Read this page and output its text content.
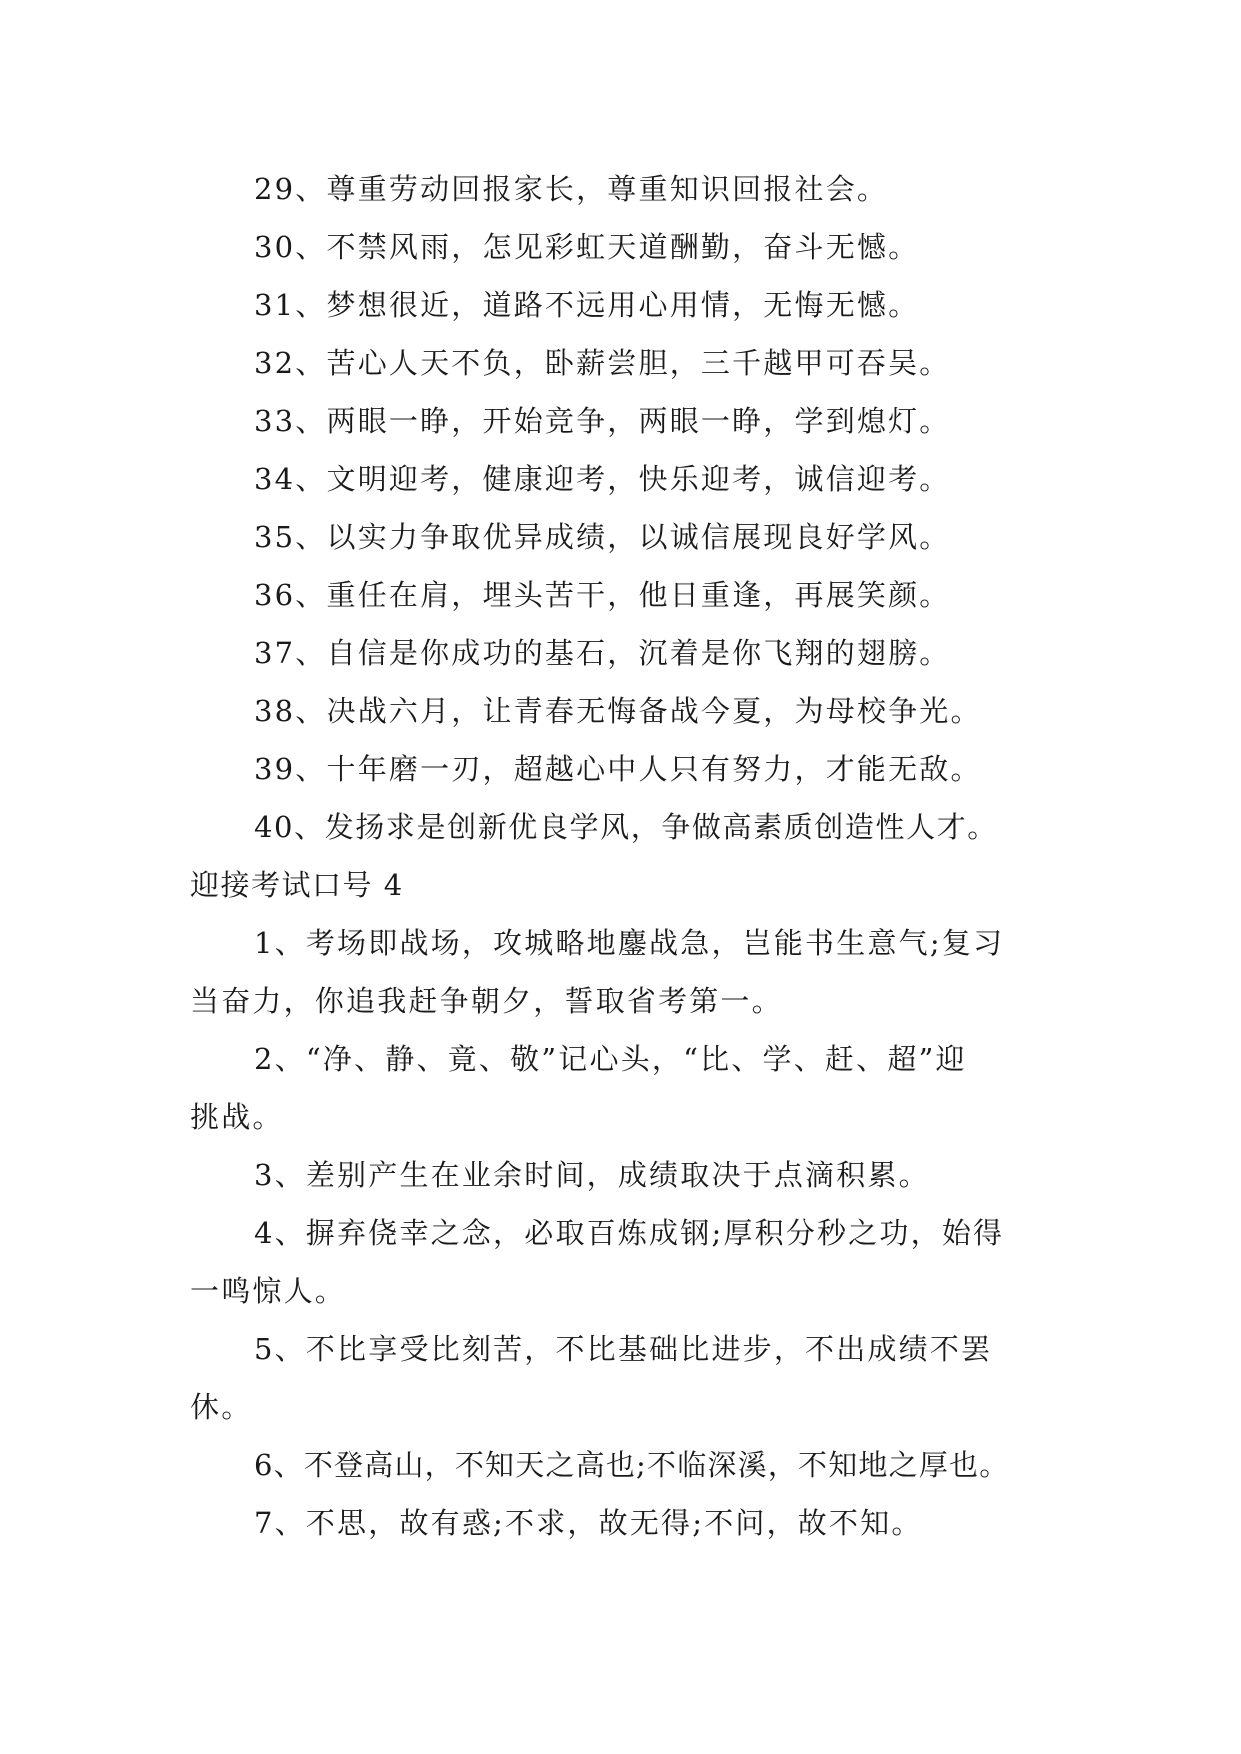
29、尊重劳动回报家长，尊重知识回报社会。
30、不禁风雨，怎见彩虹天道酬勤，奋斗无憾。
31、梦想很近，道路不远用心用情，无悔无憾。
32、苦心人天不负，卧薪尝胆，三千越甲可吞吴。
33、两眼一睁，开始竞争，两眼一睁，学到熄灯。
34、文明迎考，健康迎考，快乐迎考，诚信迎考。
35、以实力争取优异成绩，以诚信展现良好学风。
36、重任在肩，埋头苦干，他日重逢，再展笑颜。
37、自信是你成功的基石，沉着是你飞翔的翅膀。
38、决战六月，让青春无悔备战今夏，为母校争光。
39、十年磨一刃，超越心中人只有努力，才能无敌。
40、发扬求是创新优良学风，争做高素质创造性人才。
迎接考试口号 4
1、考场即战场，攻城略地鏖战急，岂能书生意气;复习
当奋力，你追我赶争朝夕，誓取省考第一。
2、“净、静、竟、敬”记心头，“比、学、赶、超”迎
挑战。
3、差别产生在业余时间，成绩取决于点滴积累。
4、摒弃侥幸之念，必取百炼成钢;厚积分秒之功，始得
一鸣惊人。
5、不比享受比刻苦，不比基础比进步，不出成绩不罢
休。
6、不登高山，不知天之高也;不临深溪，不知地之厚也。
7、不思，故有惑;不求，故无得;不问，故不知。
